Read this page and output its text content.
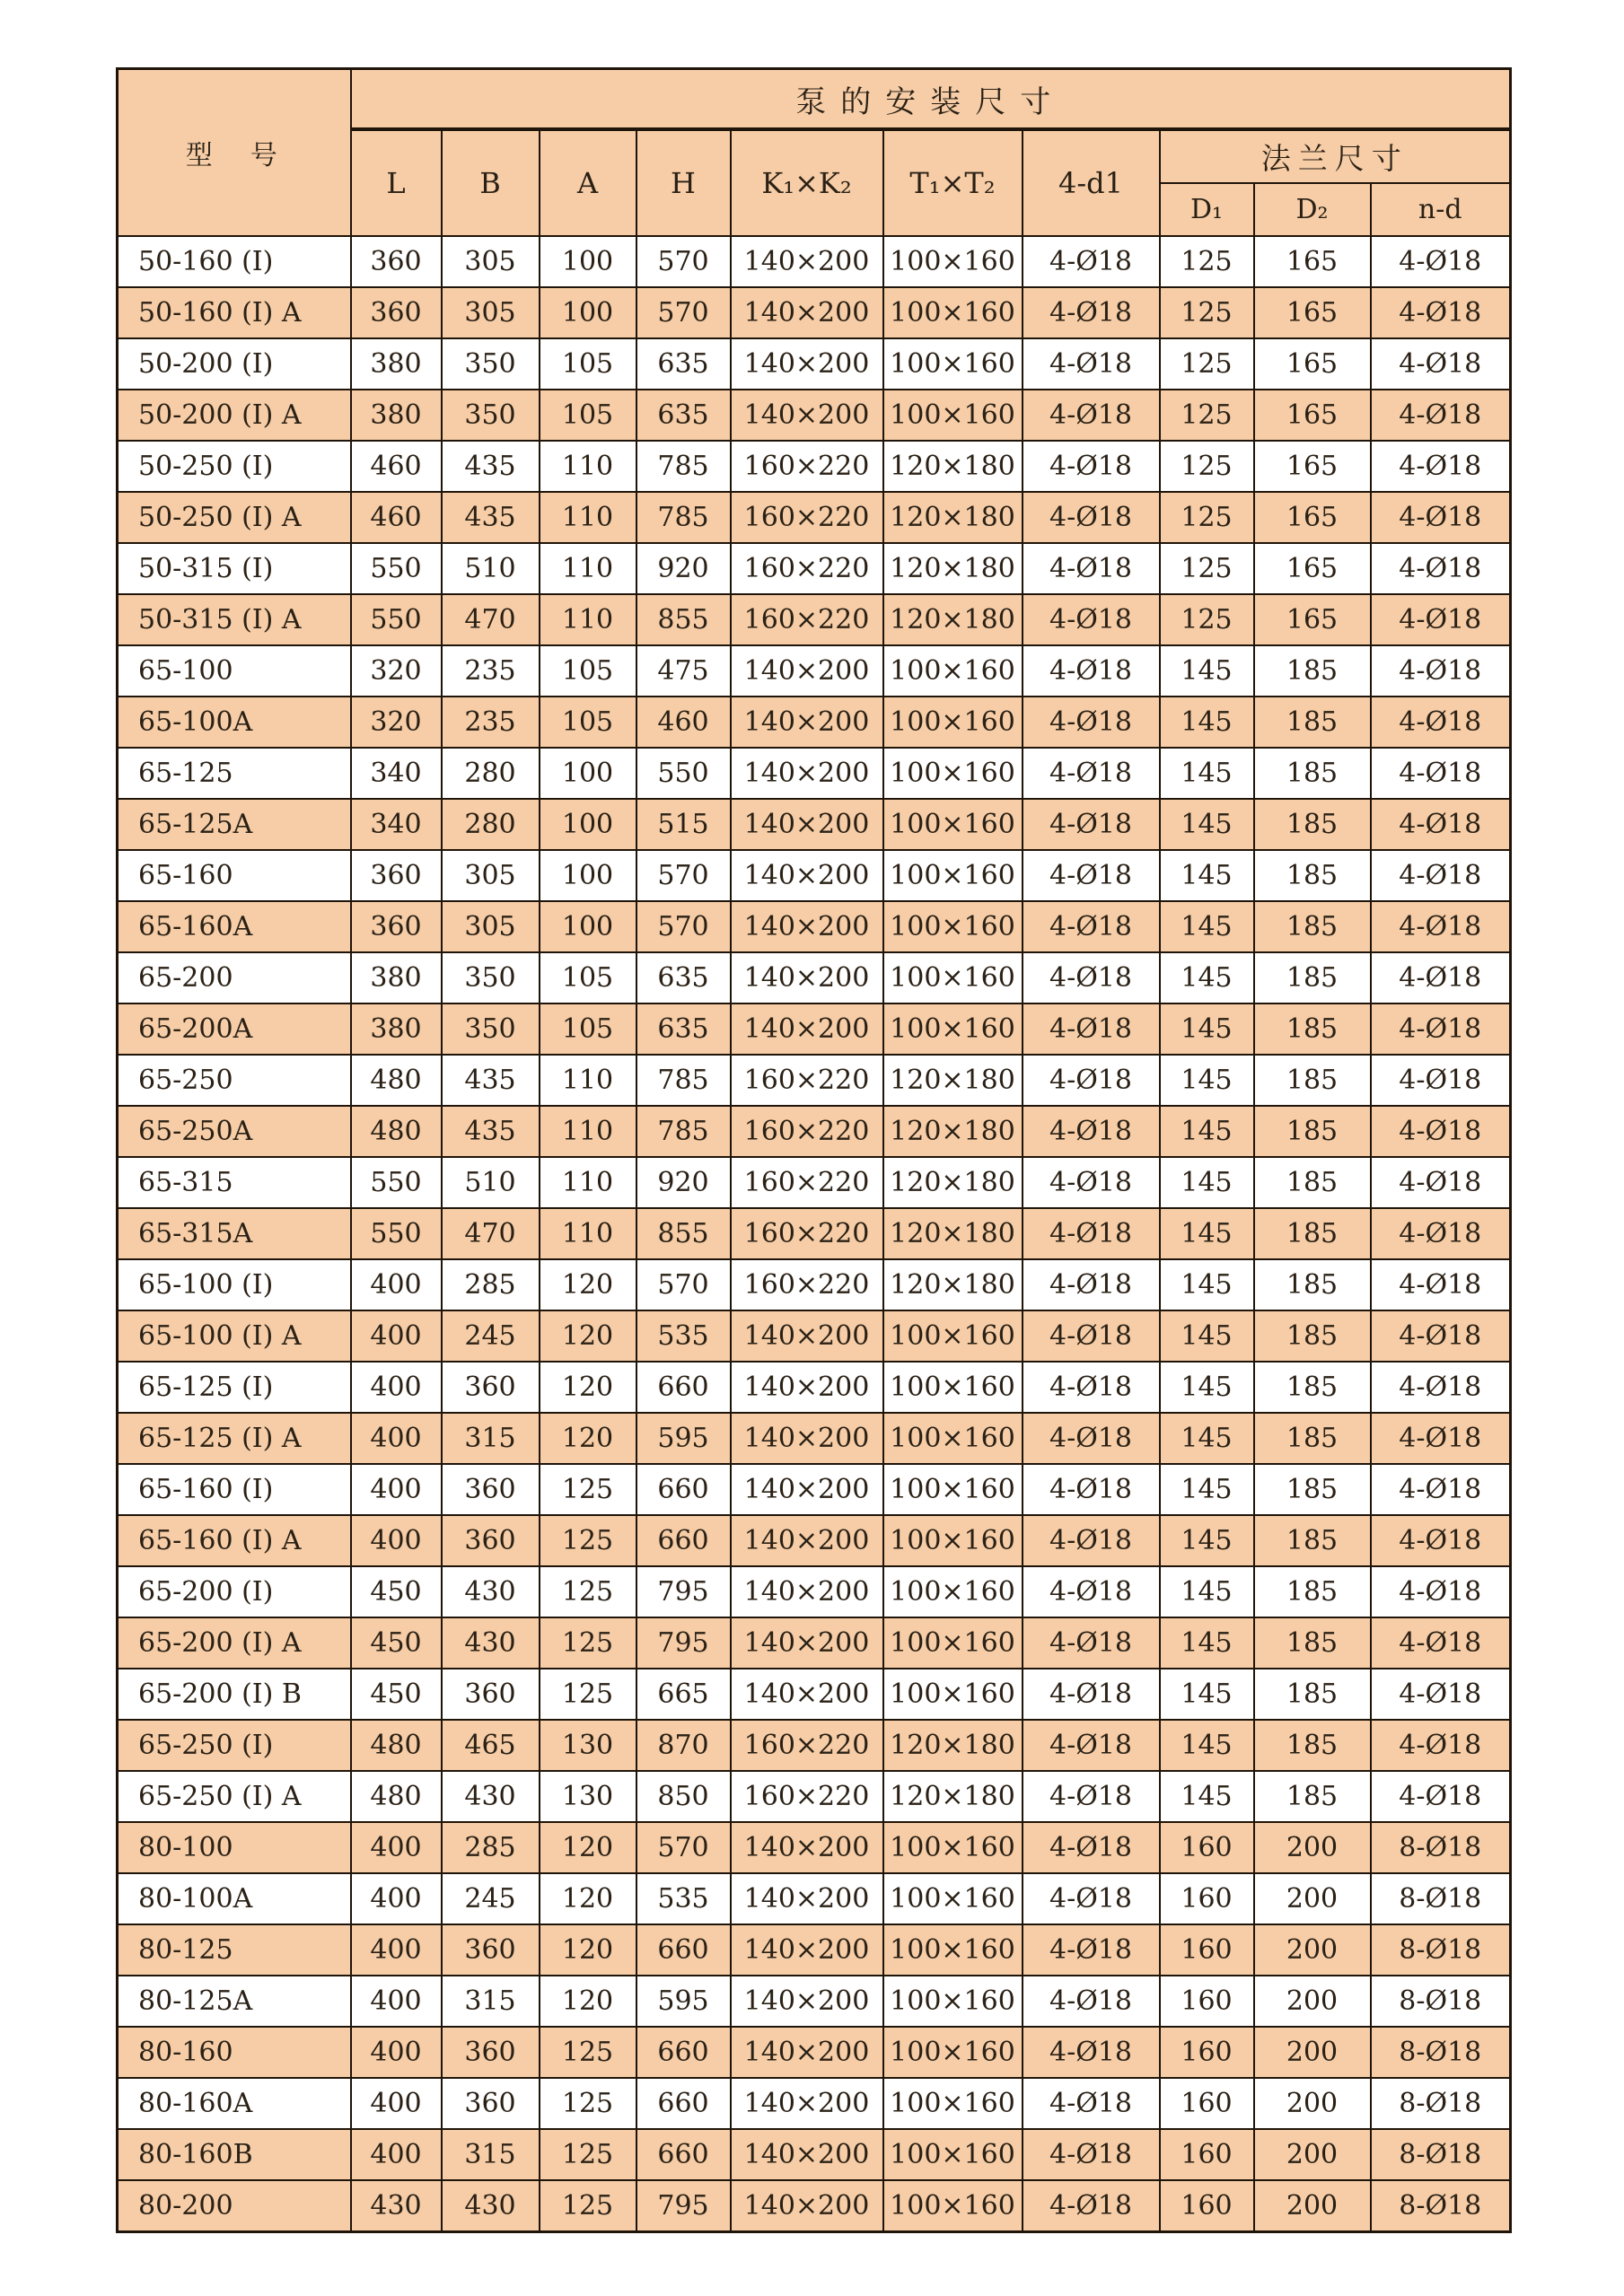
型　号	泵的安装尺寸									
	L	B	A	H	K₁×K₂	T₁×T₂	4-d1	法兰尺寸		
								D₁	D₂	n-d
50-160 (I)	360	305	100	570	140×200	100×160	4-Ø18	125	165	4-Ø18
50-160 (I) A	360	305	100	570	140×200	100×160	4-Ø18	125	165	4-Ø18
50-200 (I)	380	350	105	635	140×200	100×160	4-Ø18	125	165	4-Ø18
50-200 (I) A	380	350	105	635	140×200	100×160	4-Ø18	125	165	4-Ø18
50-250 (I)	460	435	110	785	160×220	120×180	4-Ø18	125	165	4-Ø18
50-250 (I) A	460	435	110	785	160×220	120×180	4-Ø18	125	165	4-Ø18
50-315 (I)	550	510	110	920	160×220	120×180	4-Ø18	125	165	4-Ø18
50-315 (I) A	550	470	110	855	160×220	120×180	4-Ø18	125	165	4-Ø18
65-100	320	235	105	475	140×200	100×160	4-Ø18	145	185	4-Ø18
65-100A	320	235	105	460	140×200	100×160	4-Ø18	145	185	4-Ø18
65-125	340	280	100	550	140×200	100×160	4-Ø18	145	185	4-Ø18
65-125A	340	280	100	515	140×200	100×160	4-Ø18	145	185	4-Ø18
65-160	360	305	100	570	140×200	100×160	4-Ø18	145	185	4-Ø18
65-160A	360	305	100	570	140×200	100×160	4-Ø18	145	185	4-Ø18
65-200	380	350	105	635	140×200	100×160	4-Ø18	145	185	4-Ø18
65-200A	380	350	105	635	140×200	100×160	4-Ø18	145	185	4-Ø18
65-250	480	435	110	785	160×220	120×180	4-Ø18	145	185	4-Ø18
65-250A	480	435	110	785	160×220	120×180	4-Ø18	145	185	4-Ø18
65-315	550	510	110	920	160×220	120×180	4-Ø18	145	185	4-Ø18
65-315A	550	470	110	855	160×220	120×180	4-Ø18	145	185	4-Ø18
65-100 (I)	400	285	120	570	160×220	120×180	4-Ø18	145	185	4-Ø18
65-100 (I) A	400	245	120	535	140×200	100×160	4-Ø18	145	185	4-Ø18
65-125 (I)	400	360	120	660	140×200	100×160	4-Ø18	145	185	4-Ø18
65-125 (I) A	400	315	120	595	140×200	100×160	4-Ø18	145	185	4-Ø18
65-160 (I)	400	360	125	660	140×200	100×160	4-Ø18	145	185	4-Ø18
65-160 (I) A	400	360	125	660	140×200	100×160	4-Ø18	145	185	4-Ø18
65-200 (I)	450	430	125	795	140×200	100×160	4-Ø18	145	185	4-Ø18
65-200 (I) A	450	430	125	795	140×200	100×160	4-Ø18	145	185	4-Ø18
65-200 (I) B	450	360	125	665	140×200	100×160	4-Ø18	145	185	4-Ø18
65-250 (I)	480	465	130	870	160×220	120×180	4-Ø18	145	185	4-Ø18
65-250 (I) A	480	430	130	850	160×220	120×180	4-Ø18	145	185	4-Ø18
80-100	400	285	120	570	140×200	100×160	4-Ø18	160	200	8-Ø18
80-100A	400	245	120	535	140×200	100×160	4-Ø18	160	200	8-Ø18
80-125	400	360	120	660	140×200	100×160	4-Ø18	160	200	8-Ø18
80-125A	400	315	120	595	140×200	100×160	4-Ø18	160	200	8-Ø18
80-160	400	360	125	660	140×200	100×160	4-Ø18	160	200	8-Ø18
80-160A	400	360	125	660	140×200	100×160	4-Ø18	160	200	8-Ø18
80-160B	400	315	125	660	140×200	100×160	4-Ø18	160	200	8-Ø18
80-200	430	430	125	795	140×200	100×160	4-Ø18	160	200	8-Ø18
